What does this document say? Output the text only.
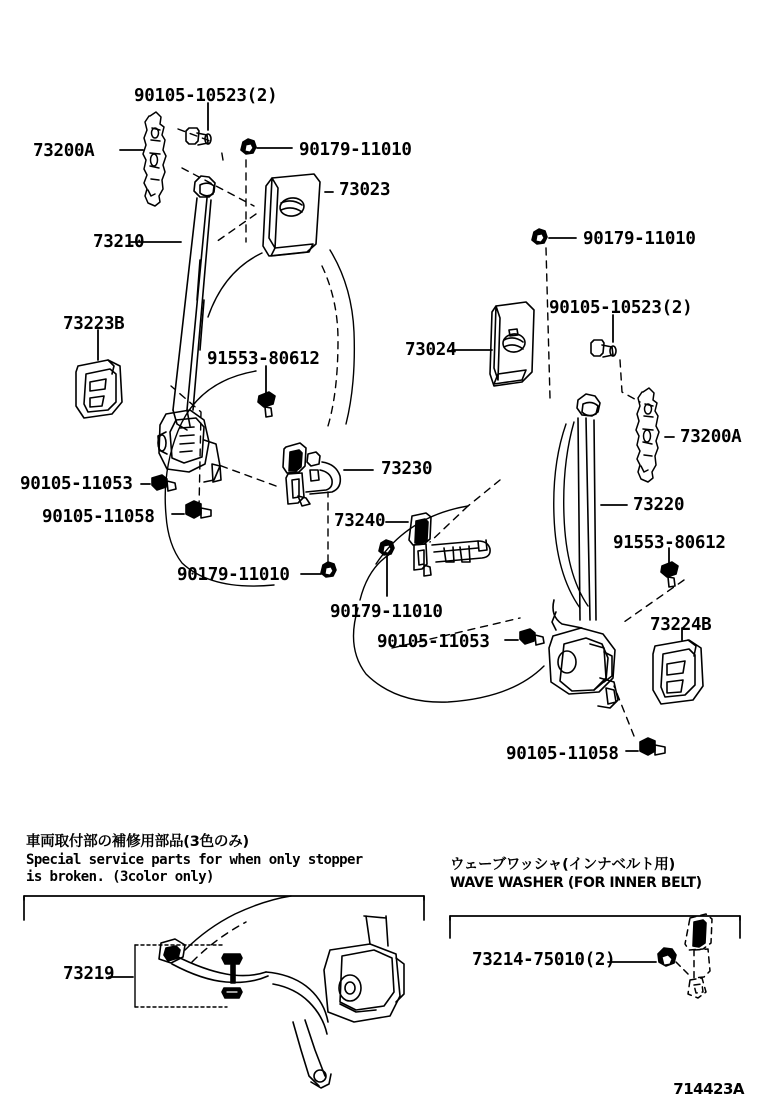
90105-10523(2)
73200A	90179-11010
73023
73210	90179-11010
90105-10523(2)
73223B
73024
91553-80612
73200A
73230
90105-11053
73220
90105-11058	73240
91553-80612
90179-11010
90179-11010
73224B
90105-11053
90105-11058
73219
73214-75010(2)
車両取付部の補修用部品(3色のみ)
Special service parts for when only stopper
is broken. (3color only)
ウェーブワッシャ(インナベルト用)
WAVE WASHER (FOR INNER BELT)
714423A
